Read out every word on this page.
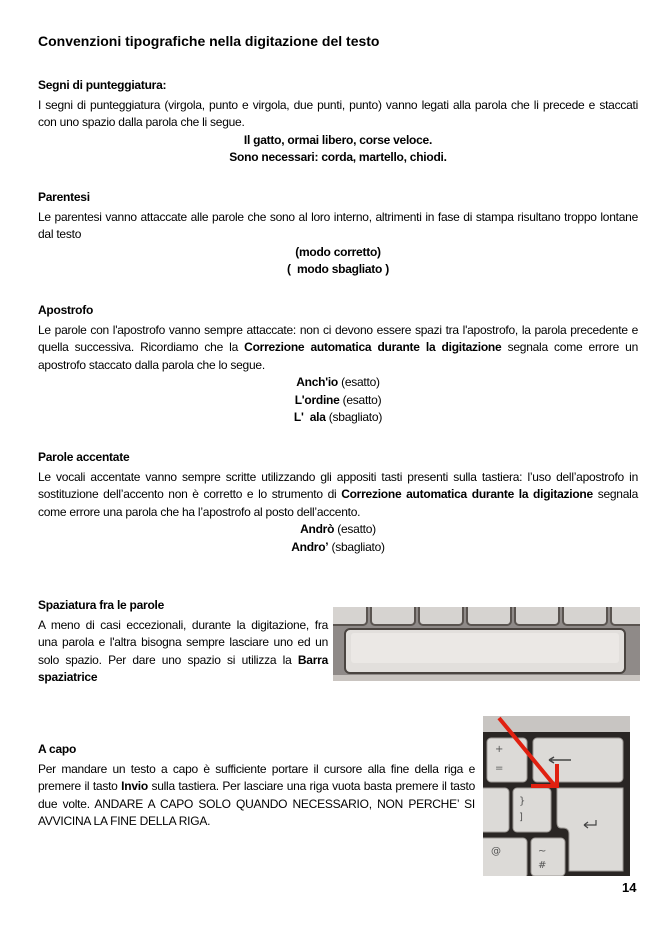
Convenzioni tipografiche nella digitazione del testo
Segni di punteggiatura:
I segni di punteggiatura (virgola, punto e virgola, due punti, punto) vanno legati alla parola che li precede e staccati con uno spazio dalla parola che li segue.
Il gatto, ormai libero, corse veloce.
Sono necessari: corda, martello, chiodi.
Parentesi
Le parentesi vanno attaccate alle parole che sono al loro interno, altrimenti in fase di stampa risultano troppo lontane dal testo
(modo corretto)
(  modo sbagliato )
Apostrofo
Le parole con l'apostrofo vanno sempre attaccate: non ci devono essere spazi tra l'apostrofo, la parola precedente e quella successiva. Ricordiamo che la Correzione automatica durante la digitazione segnala come errore un apostrofo staccato dalla parola che lo segue.
Anch'io (esatto)
L'ordine (esatto)
L'  ala (sbagliato)
Parole accentate
Le vocali accentate vanno sempre scritte utilizzando gli appositi tasti presenti sulla tastiera: l’uso dell’apostrofo in sostituzione dell’accento non è corretto e lo strumento di Correzione automatica durante la digitazione segnala come errore una parola che ha l’apostrofo al posto dell’accento.
Andrò (esatto)
Andro’ (sbagliato)
Spaziatura fra le parole
A meno di casi eccezionali, durante la digitazione, fra una parola e l'altra bisogna sempre lasciare uno ed un solo spazio. Per dare uno spazio si utilizza la Barra spaziatrice
A capo
Per mandare un testo a capo è sufficiente portare il cursore alla fine della riga e premere il tasto Invio sulla tastiera. Per lasciare una riga vuota basta premere il tasto due volte. ANDARE A CAPO SOLO QUANDO NECESSARIO, NON PERCHE’ SI AVVICINA LA FINE DELLA RIGA.
+
=
}
]
@	~
#
14
